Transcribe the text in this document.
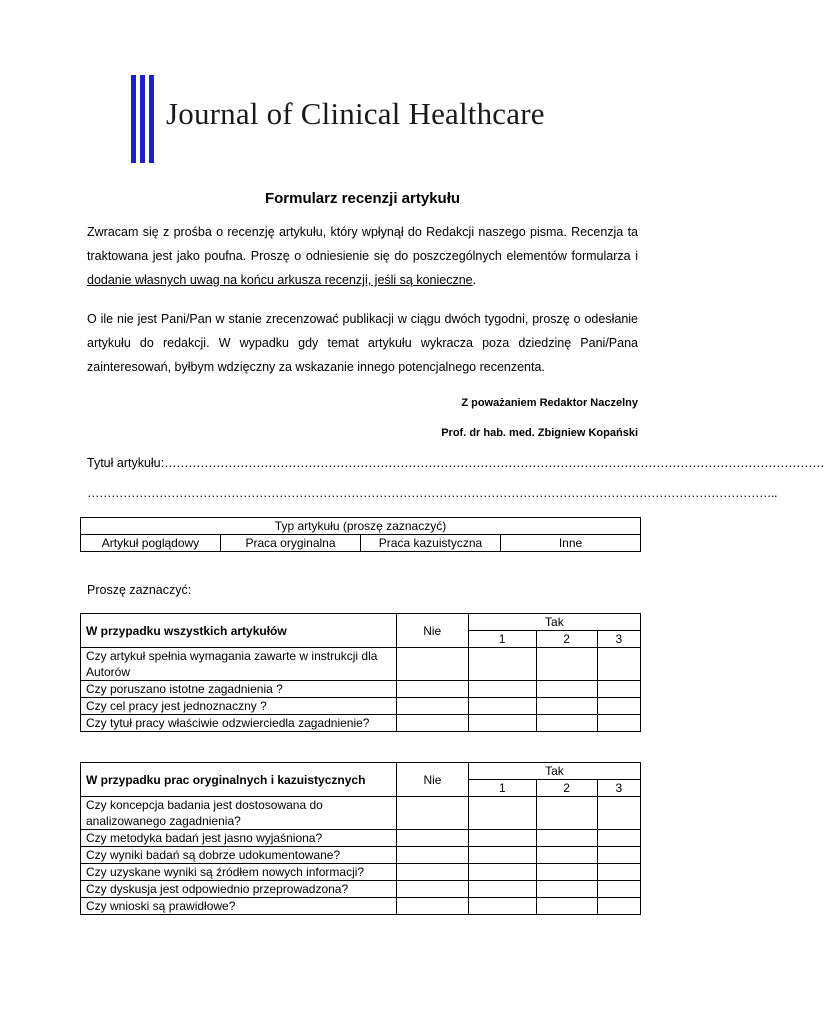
Journal of Clinical Healthcare
Formularz recenzji artykułu
Zwracam się z prośba o recenzję artykułu, który wpłynął do Redakcji naszego pisma. Recenzja ta
traktowana jest jako poufna. Proszę o odniesienie się do poszczególnych elementów formularza i
dodanie własnych uwag na końcu arkusza recenzji, jeśli są konieczne.
O ile nie jest Pani/Pan w stanie zrecenzować publikacji w ciągu dwóch tygodni, proszę o odesłanie
artykułu do redakcji. W wypadku gdy temat artykułu wykracza poza dziedzinę Pani/Pana
zainteresowań, byłbym wdzięczny za wskazanie innego potencjalnego recenzenta.
Z poważaniem Redaktor Naczelny
Prof. dr hab. med. Zbigniew Kopański
Tytuł artykułu:…………………………………………………………………………………………………………………………………………………
………………………………………………………………………………………………………………………………………………………..
Typ artykułu (proszę zaznaczyć)
Artykuł poglądowy	Praca oryginalna	Praca kazuistyczna	Inne
Proszę zaznaczyć:
W przypadku wszystkich artykułów	Nie	Tak		
		1	2	3
Czy artykuł spełnia wymagania zawarte w instrukcji dla Autorów				
Czy poruszano istotne zagadnienia ?				
Czy cel pracy jest jednoznaczny ?				
Czy tytuł pracy właściwie odzwierciedla zagadnienie?				
W przypadku prac oryginalnych i kazuistycznych	Nie	Tak		
		1	2	3
Czy koncepcja badania jest dostosowana do analizowanego zagadnienia?				
Czy metodyka badań jest jasno wyjaśniona?				
Czy wyniki badań są dobrze udokumentowane?				
Czy uzyskane wyniki są źródłem nowych informacji?				
Czy dyskusja jest odpowiednio przeprowadzona?				
Czy wnioski są prawidłowe?				
